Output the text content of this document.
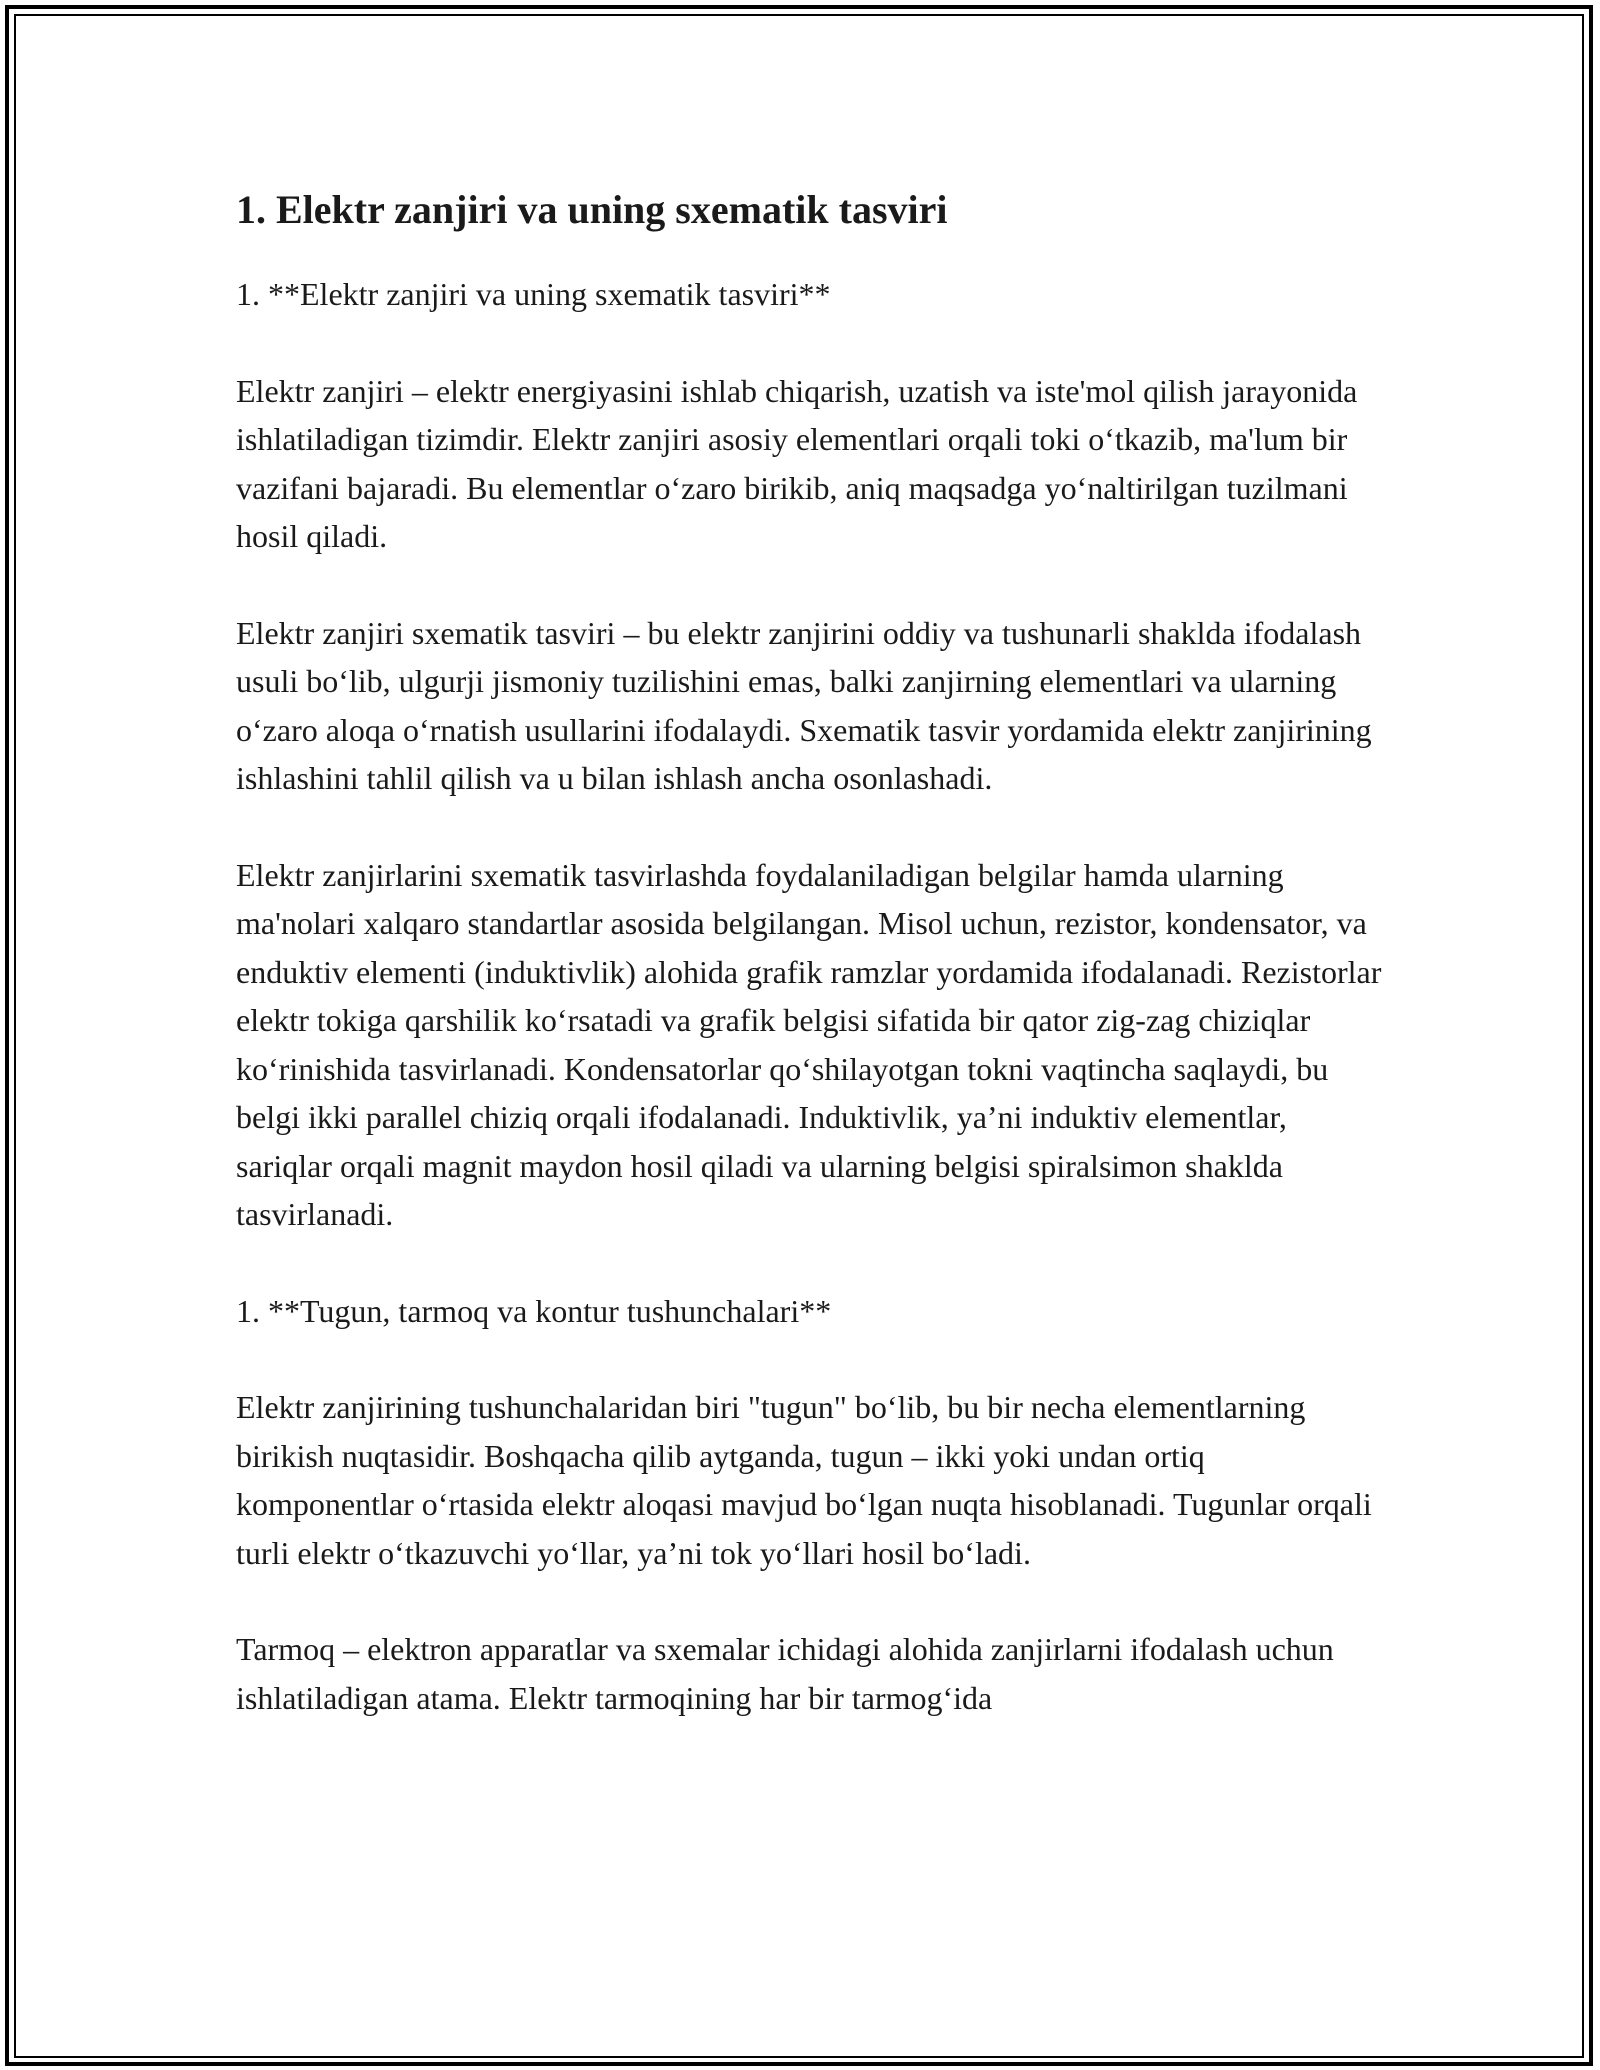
1. Elektr zanjiri va uning sxematik tasviri

1. **Elektr zanjiri va uning sxematik tasviri**

Elektr zanjiri – elektr energiyasini ishlab chiqarish, uzatish va iste'mol qilish jarayonida ishlatiladigan tizimdir. Elektr zanjiri asosiy elementlari orqali toki o‘tkazib, ma'lum bir vazifani bajaradi. Bu elementlar o‘zaro birikib, aniq maqsadga yo‘naltirilgan tuzilmani hosil qiladi.

Elektr zanjiri sxematik tasviri – bu elektr zanjirini oddiy va tushunarli shaklda ifodalash usuli bo‘lib, ulgurji jismoniy tuzilishini emas, balki zanjirning elementlari va ularning o‘zaro aloqa o‘rnatish usullarini ifodalaydi. Sxematik tasvir yordamida elektr zanjirining ishlashini tahlil qilish va u bilan ishlash ancha osonlashadi.

Elektr zanjirlarini sxematik tasvirlashda foydalaniladigan belgilar hamda ularning ma'nolari xalqaro standartlar asosida belgilangan. Misol uchun, rezistor, kondensator, va enduktiv elementi (induktivlik) alohida grafik ramzlar yordamida ifodalanadi. Rezistorlar elektr tokiga qarshilik ko‘rsatadi va grafik belgisi sifatida bir qator zig-zag chiziqlar ko‘rinishida tasvirlanadi. Kondensatorlar qo‘shilayotgan tokni vaqtincha saqlaydi, bu belgi ikki parallel chiziq orqali ifodalanadi. Induktivlik, ya’ni induktiv elementlar, sariqlar orqali magnit maydon hosil qiladi va ularning belgisi spiralsimon shaklda tasvirlanadi.

1. **Tugun, tarmoq va kontur tushunchalari**

Elektr zanjirining tushunchalaridan biri "tugun" bo‘lib, bu bir necha elementlarning birikish nuqtasidir. Boshqacha qilib aytganda, tugun – ikki yoki undan ortiq komponentlar o‘rtasida elektr aloqasi mavjud bo‘lgan nuqta hisoblanadi. Tugunlar orqali turli elektr o‘tkazuvchi yo‘llar, ya’ni tok yo‘llari hosil bo‘ladi.

Tarmoq – elektron apparatlar va sxemalar ichidagi alohida zanjirlarni ifodalash uchun ishlatiladigan atama. Elektr tarmoqining har bir tarmog‘ida
